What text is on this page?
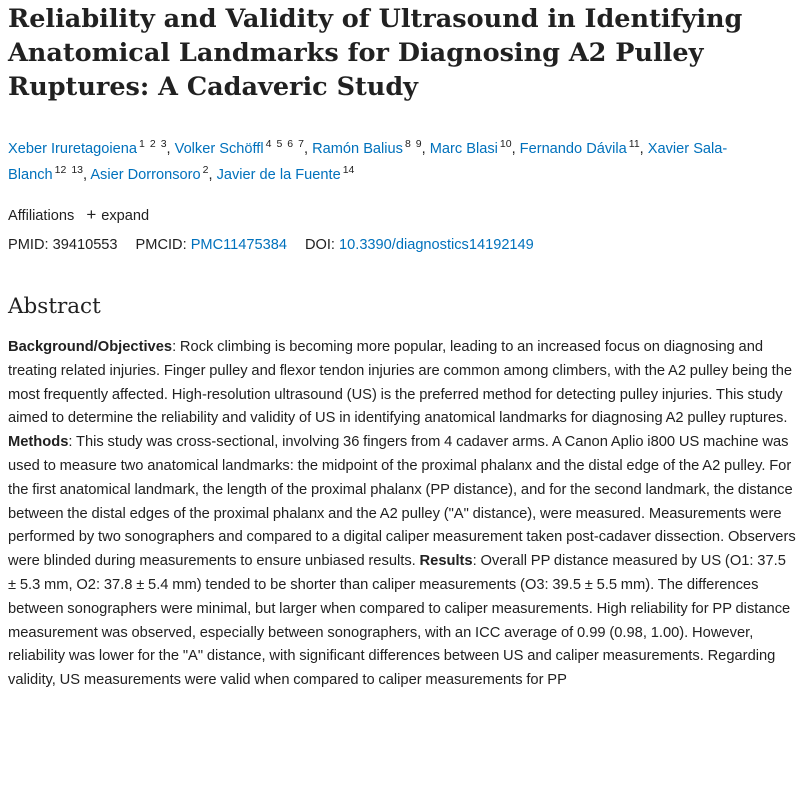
Reliability and Validity of Ultrasound in Identifying Anatomical Landmarks for Diagnosing A2 Pulley Ruptures: A Cadaveric Study
Xeber Iruretagoiena $^{1 2 3}$, Volker Schöffl $^{4 5 6 7}$, Ramón Balius $^{8 9}$, Marc Blasi $^{10}$, Fernando Dávila $^{11}$, Xavier Sala-Blanch $^{12 13}$, Asier Dorronsoro $^2$, Javier de la Fuente $^{14}$
Affiliations + expand
PMID: 39410553 PMCID: PMC11475384 DOI: 10.3390/diagnostics14192149
Abstract

Background/Objectives: Rock climbing is becoming more popular, leading to an increased focus on diagnosing and treating related injuries. Finger pulley and flexor tendon injuries are common among climbers, with the A2 pulley being the most frequently affected. High-resolution ultrasound (US) is the preferred method for detecting pulley injuries. This study aimed to determine the reliability and validity of US in identifying anatomical landmarks for diagnosing A2 pulley ruptures. Methods: This study was cross-sectional, involving 36 fingers from 4 cadaver arms. A Canon Aplio i800 US machine was used to measure two anatomical landmarks: the midpoint of the proximal phalanx and the distal edge of the A2 pulley. For the first anatomical landmark, the length of the proximal phalanx (PP distance), and for the second landmark, the distance between the distal edges of the proximal phalanx and the A2 pulley ("A" distance), were measured. Measurements were performed by two sonographers and compared to a digital caliper measurement taken post-cadaver dissection. Observers were blinded during measurements to ensure unbiased results. Results: Overall PP distance measured by US (O1: 37.5 ± 5.3 mm, O2: 37.8 ± 5.4 mm) tended to be shorter than caliper measurements (O3: 39.5 ± 5.5 mm). The differences between sonographers were minimal, but larger when compared to caliper measurements. High reliability for PP distance measurement was observed, especially between sonographers, with an ICC average of 0.99 (0.98, 1.00). However, reliability was lower for the "A" distance, with significant differences between US and caliper measurements. Regarding validity, US measurements were valid when compared to caliper measurements for PP
